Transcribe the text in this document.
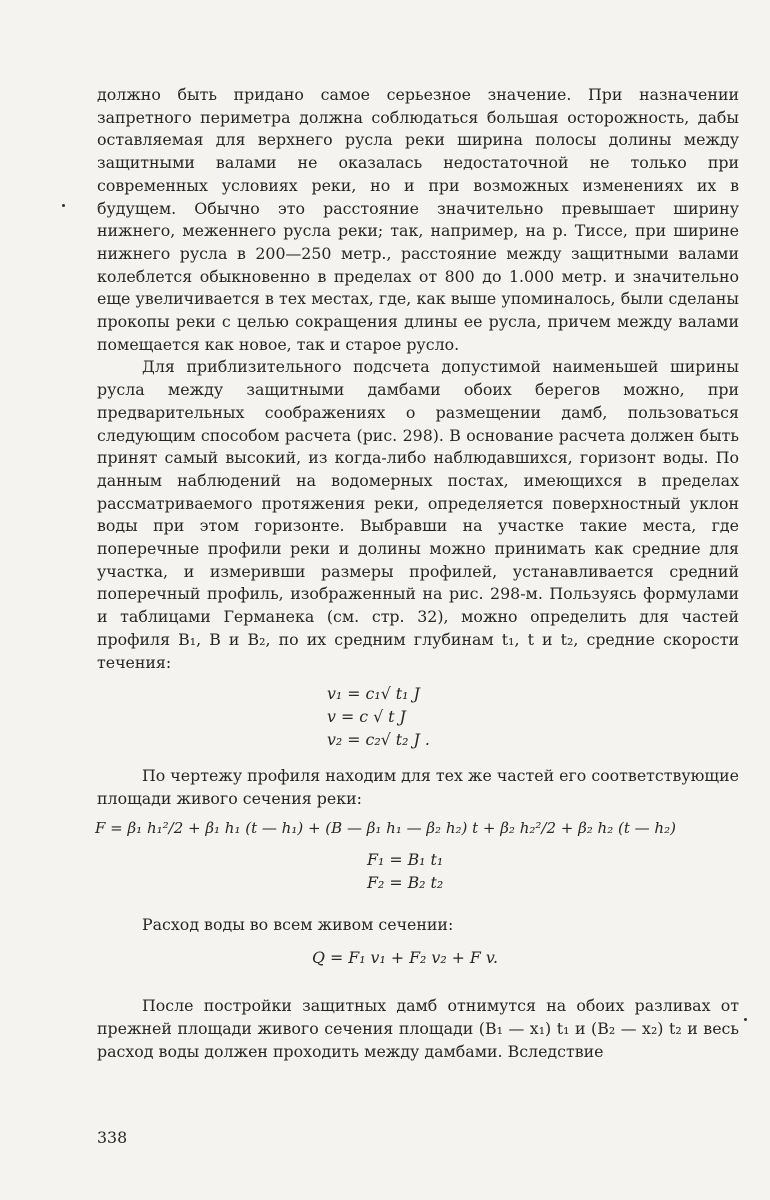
должно быть придано самое серьезное значение. При назначении запретного периметра должна соблюдаться большая осторожность, дабы оставляемая для верхнего русла реки ширина полосы долины между защитными валами не оказалась недостаточной не только при современных условиях реки, но и при возможных изменениях их в будущем. Обычно это расстояние значительно превышает ширину нижнего, меженнего русла реки; так, например, на р. Тиссе, при ширине нижнего русла в 200—250 метр., расстояние между защитными валами колеблется обыкновенно в пределах от 800 до 1.000 метр. и значительно еще увеличивается в тех местах, где, как выше упоминалось, были сделаны прокопы реки с целью сокращения длины ее русла, причем между валами помещается как новое, так и старое русло.

Для приблизительного подсчета допустимой наименьшей ширины русла между защитными дамбами обоих берегов можно, при предварительных соображениях о размещении дамб, пользоваться следующим способом расчета (рис. 298). В основание расчета должен быть принят самый высокий, из когда-либо наблюдавшихся, горизонт воды. По данным наблюдений на водомерных постах, имеющихся в пределах рассматриваемого протяжения реки, определяется поверхностный уклон воды при этом горизонте. Выбравши на участке такие места, где поперечные профили реки и долины можно принимать как средние для участка, и измеривши размеры профилей, устанавливается средний поперечный профиль, изображенный на рис. 298-м. Пользуясь формулами и таблицами Германека (см. стр. 32), можно определить для частей профиля B₁, B и B₂, по их средним глубинам t₁, t и t₂, средние скорости течения:

v₁ = c₁√ t₁ J
v = c √ t J
v₂ = c₂√ t₂ J .

По чертежу профиля находим для тех же частей его соответствующие площади живого сечения реки:

F = β₁ h₁²/2 + β₁ h₁ (t — h₁) + (B — β₁ h₁ — β₂ h₂) t + β₂ h₂²/2 + β₂ h₂ (t — h₂)
F₁ = B₁ t₁
F₂ = B₂ t₂

Расход воды во всем живом сечении:

Q = F₁ v₁ + F₂ v₂ + F v.

После постройки защитных дамб отнимутся на обоих разливах от прежней площади живого сечения площади (B₁ — x₁) t₁ и (B₂ — x₂) t₂ и весь расход воды должен проходить между дамбами. Вследствие

338
